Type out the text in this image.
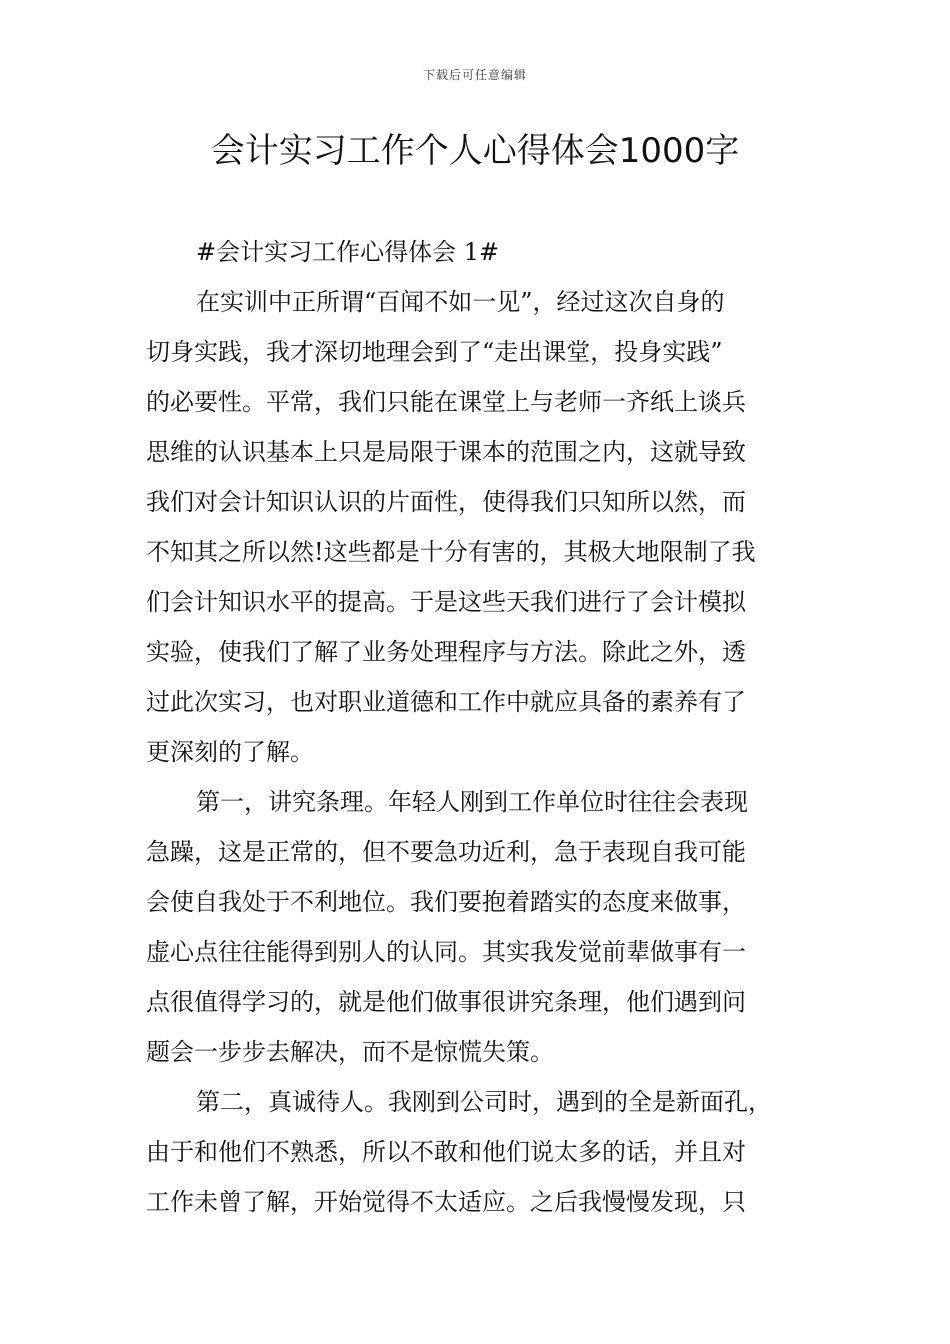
下载后可任意编辑
会计实习工作个人心得体会1000字
#会计实习工作心得体会 1#
在实训中正所谓“百闻不如一见”，经过这次自身的
切身实践，我才深切地理会到了“走出课堂，投身实践”
的必要性。平常，我们只能在课堂上与老师一齐纸上谈兵
思维的认识基本上只是局限于课本的范围之内，这就导致
我们对会计知识认识的片面性，使得我们只知所以然，而
不知其之所以然!这些都是十分有害的，其极大地限制了我
们会计知识水平的提高。于是这些天我们进行了会计模拟
实验，使我们了解了业务处理程序与方法。除此之外，透
过此次实习，也对职业道德和工作中就应具备的素养有了
更深刻的了解。
第一，讲究条理。年轻人刚到工作单位时往往会表现
急躁，这是正常的，但不要急功近利，急于表现自我可能
会使自我处于不利地位。我们要抱着踏实的态度来做事，
虚心点往往能得到别人的认同。其实我发觉前辈做事有一
点很值得学习的，就是他们做事很讲究条理，他们遇到问
题会一步步去解决，而不是惊慌失策。
第二，真诚待人。我刚到公司时，遇到的全是新面孔，
由于和他们不熟悉，所以不敢和他们说太多的话，并且对
工作未曾了解，开始觉得不太适应。之后我慢慢发现，只
